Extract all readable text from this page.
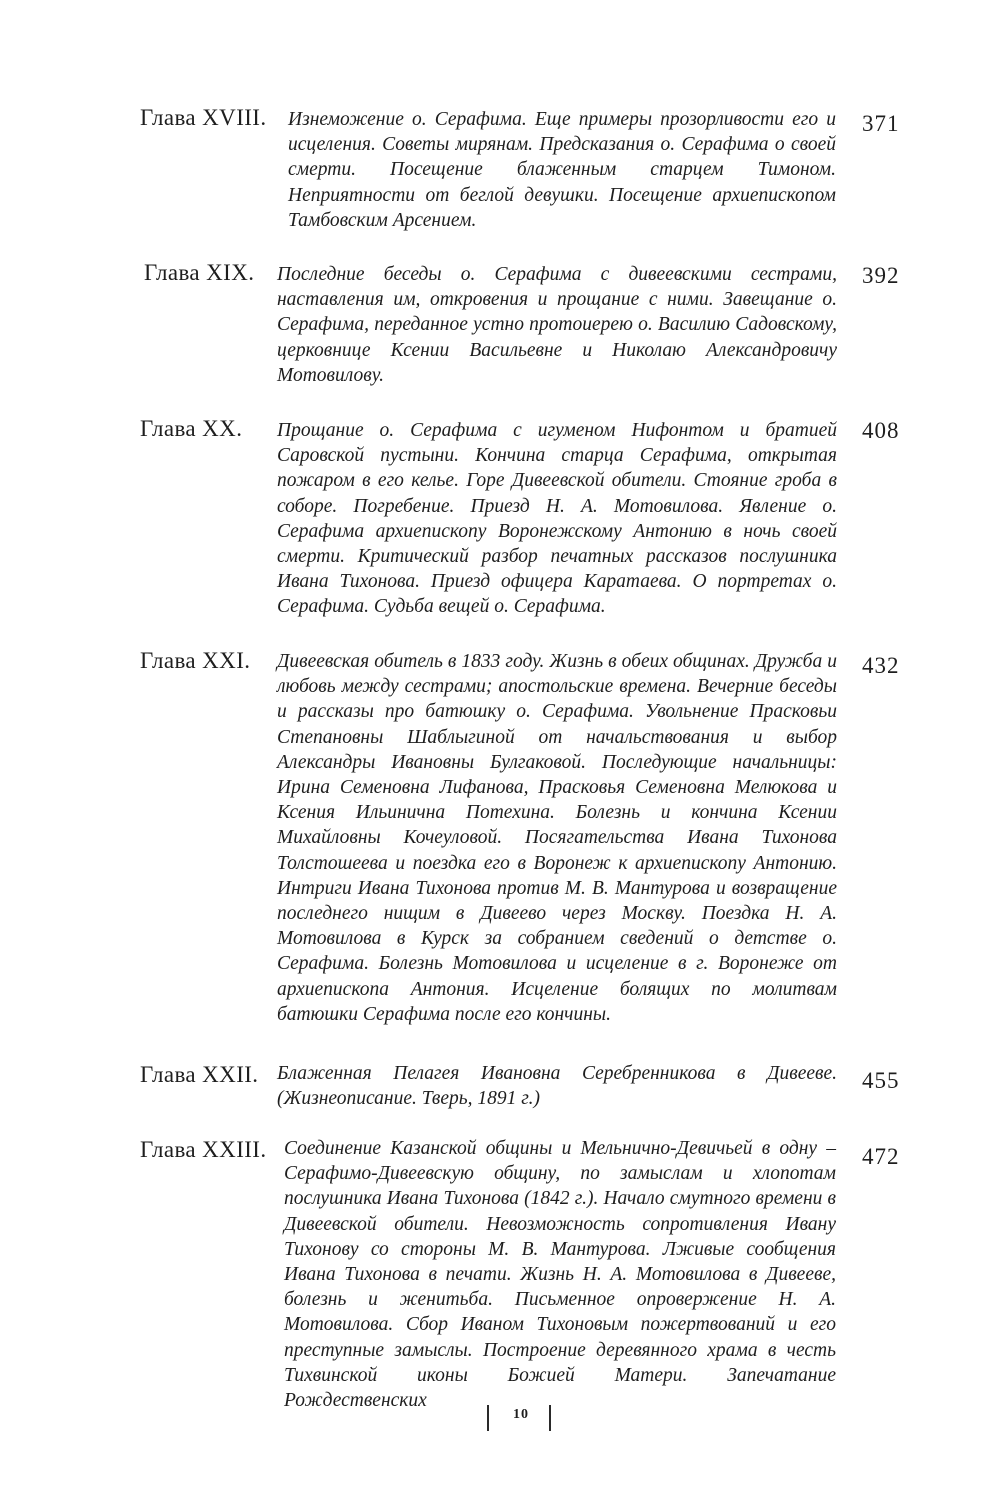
Глава XVIII. Изнеможение о. Серафима. Еще примеры прозорливости его и исцеления. Советы мирянам. Предсказания о. Серафима о своей смерти. Посещение блаженным старцем Тимоном. Неприятности от беглой девушки. Посещение архиепископом Тамбовским Арсением.
371
Глава XIX. Последние беседы о. Серафима с дивеевскими сестрами, наставления им, откровения и прощание с ними. Завещание о. Серафима, переданное устно протоиерею о. Василию Садовскому, церковнице Ксении Васильевне и Николаю Александровичу Мотовилову.
392
Глава XX. Прощание о. Серафима с игуменом Нифонтом и братией Саровской пустыни. Кончина старца Серафима, открытая пожаром в его келье. Горе Дивеевской обители. Стояние гроба в соборе. Погребение. Приезд Н. А. Мотовилова. Явление о. Серафима архиепископу Воронежскому Антонию в ночь своей смерти. Критический разбор печатных рассказов послушника Ивана Тихонова. Приезд офицера Каратаева. О портретах о. Серафима. Судьба вещей о. Серафима.
408
Глава XXI. Дивеевская обитель в 1833 году. Жизнь в обеих общинах. Дружба и любовь между сестрами; апостольские времена. Вечерние беседы и рассказы про батюшку о. Серафима. Увольнение Прасковьи Степановны Шаблыгиной от начальствования и выбор Александры Ивановны Булгаковой. Последующие начальницы: Ирина Семеновна Лифанова, Прасковья Семеновна Мелюкова и Ксения Ильинична Потехина. Болезнь и кончина Ксении Михайловны Кочеуловой. Посягательства Ивана Тихонова Толстошеева и поездка его в Воронеж к архиепископу Антонию. Интриги Ивана Тихонова против М. В. Мантурова и возвращение последнего нищим в Дивеево через Москву. Поездка Н. А. Мотовилова в Курск за собранием сведений о детстве о. Серафима. Болезнь Мотовилова и исцеление в г. Воронеже от архиепископа Антония. Исцеление болящих по молитвам батюшки Серафима после его кончины.
432
Глава XXII. Блаженная Пелагея Ивановна Серебренникова в Дивееве. (Жизнеописание. Тверь, 1891 г.)
455
Глава XXIII. Соединение Казанской общины и Мельнично-Девичьей в одну – Серафимо-Дивеевскую общину, по замыслам и хлопотам послушника Ивана Тихонова (1842 г.). Начало смутного времени в Дивеевской обители. Невозможность сопротивления Ивану Тихонову со стороны М. В. Мантурова. Лживые сообщения Ивана Тихонова в печати. Жизнь Н. А. Мотовилова в Дивееве, болезнь и женитьба. Письменное опровержение Н. А. Мотовилова. Сбор Иваном Тихоновым пожертвований и его преступные замыслы. Построение деревянного храма в честь Тихвинской иконы Божией Матери. Запечатание Рождественских
472
10
